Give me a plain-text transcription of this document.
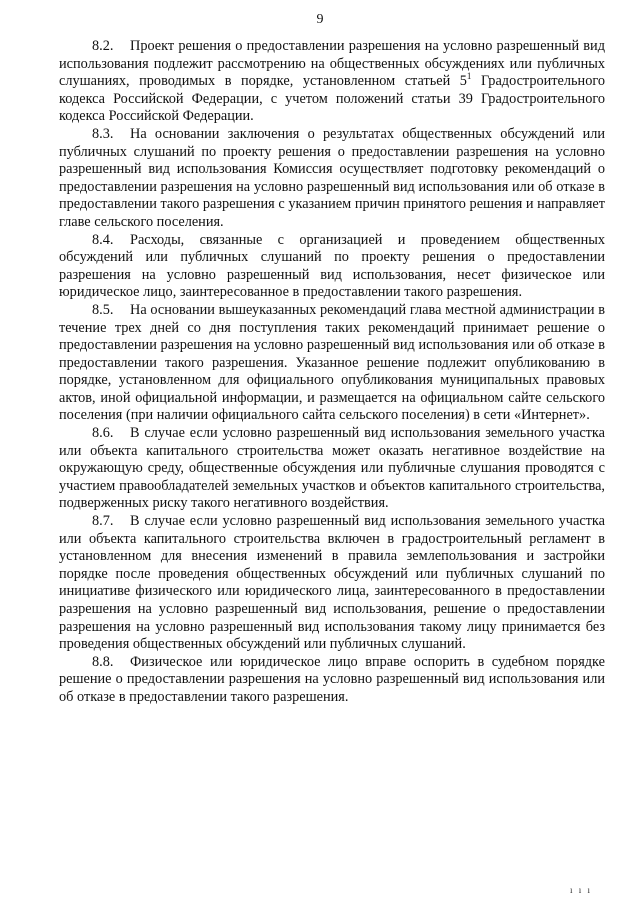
9

8.2. Проект решения о предоставлении разрешения на условно разрешенный вид использования подлежит рассмотрению на общественных обсуждениях или публичных слушаниях, проводимых в порядке, установленном статьей $5^1$ Градостроительного кодекса Российской Федерации, с учетом положений статьи 39 Градостроительного кодекса Российской Федерации.

8.3. На основании заключения о результатах общественных обсуждений или публичных слушаний по проекту решения о предоставлении разрешения на условно разрешенный вид использования Комиссия осуществляет подготовку рекомендаций о предоставлении разрешения на условно разрешенный вид использования или об отказе в предоставлении такого разрешения с указанием причин принятого решения и направляет главе сельского поселения.

8.4. Расходы, связанные с организацией и проведением общественных обсуждений или публичных слушаний по проекту решения о предоставлении разрешения на условно разрешенный вид использования, несет физическое или юридическое лицо, заинтересованное в предоставлении такого разрешения.

8.5. На основании вышеуказанных рекомендаций глава местной администрации в течение трех дней со дня поступления таких рекомендаций принимает решение о предоставлении разрешения на условно разрешенный вид использования или об отказе в предоставлении такого разрешения. Указанное решение подлежит опубликованию в порядке, установленном для официального опубликования муниципальных правовых актов, иной официальной информации, и размещается на официальном сайте сельского поселения (при наличии официального сайта сельского поселения) в сети «Интернет».

8.6. В случае если условно разрешенный вид использования земельного участка или объекта капитального строительства может оказать негативное воздействие на окружающую среду, общественные обсуждения или публичные слушания проводятся с участием правообладателей земельных участков и объектов капитального строительства, подверженных риску такого негативного воздействия.

8.7. В случае если условно разрешенный вид использования земельного участка или объекта капитального строительства включен в градостроительный регламент в установленном для внесения изменений в правила землепользования и застройки порядке после проведения общественных обсуждений или публичных слушаний по инициативе физического или юридического лица, заинтересованного в предоставлении разрешения на условно разрешенный вид использования, решение о предоставлении разрешения на условно разрешенный вид использования такому лицу принимается без проведения общественных обсуждений или публичных слушаний.

8.8. Физическое или юридическое лицо вправе оспорить в судебном порядке решение о предоставлении разрешения на условно разрешенный вид использования или об отказе в предоставлении такого разрешения.

ı ı ı
